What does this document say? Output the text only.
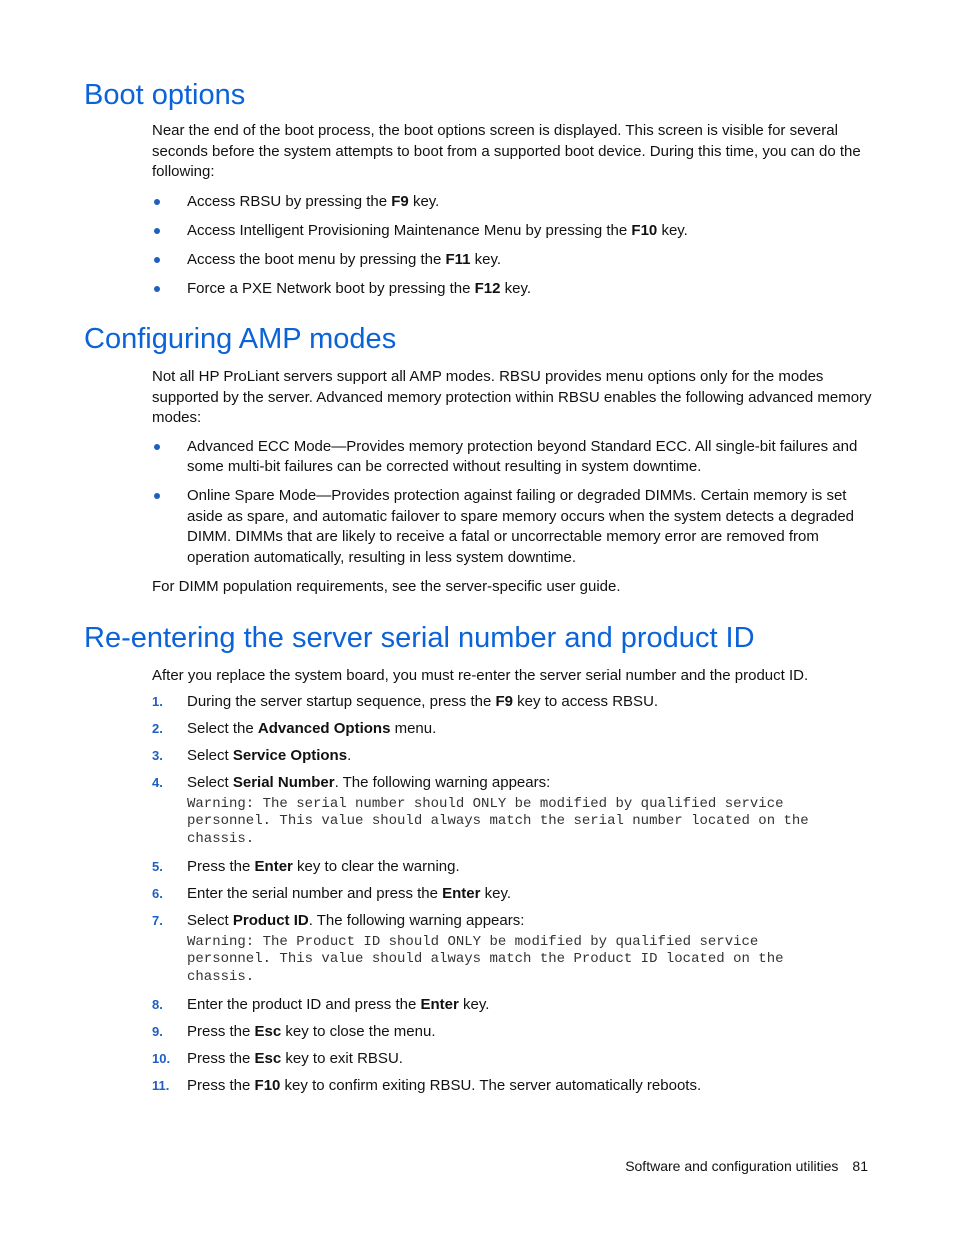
Boot options

Near the end of the boot process, the boot options screen is displayed. This screen is visible for several seconds before the system attempts to boot from a supported boot device. During this time, you can do the following:

Access RBSU by pressing the F9 key.
Access Intelligent Provisioning Maintenance Menu by pressing the F10 key.
Access the boot menu by pressing the F11 key.
Force a PXE Network boot by pressing the F12 key.
Configuring AMP modes

Not all HP ProLiant servers support all AMP modes. RBSU provides menu options only for the modes supported by the server. Advanced memory protection within RBSU enables the following advanced memory modes:

Advanced ECC Mode—Provides memory protection beyond Standard ECC. All single-bit failures and some multi-bit failures can be corrected without resulting in system downtime.
Online Spare Mode—Provides protection against failing or degraded DIMMs. Certain memory is set aside as spare, and automatic failover to spare memory occurs when the system detects a degraded DIMM. DIMMs that are likely to receive a fatal or uncorrectable memory error are removed from operation automatically, resulting in less system downtime.

For DIMM population requirements, see the server-specific user guide.

Re-entering the server serial number and product ID

After you replace the system board, you must re-enter the server serial number and the product ID.

1. During the server startup sequence, press the F9 key to access RBSU.
2. Select the Advanced Options menu.
3. Select Service Options.
4. Select Serial Number. The following warning appears:
Warning: The serial number should ONLY be modified by qualified service
personnel. This value should always match the serial number located on the
chassis.
5. Press the Enter key to clear the warning.
6. Enter the serial number and press the Enter key.
7. Select Product ID. The following warning appears:
Warning: The Product ID should ONLY be modified by qualified service
personnel. This value should always match the Product ID located on the
chassis.
8. Enter the product ID and press the Enter key.
9. Press the Esc key to close the menu.
10. Press the Esc key to exit RBSU.
11. Press the F10 key to confirm exiting RBSU. The server automatically reboots.
Software and configuration utilities 81
